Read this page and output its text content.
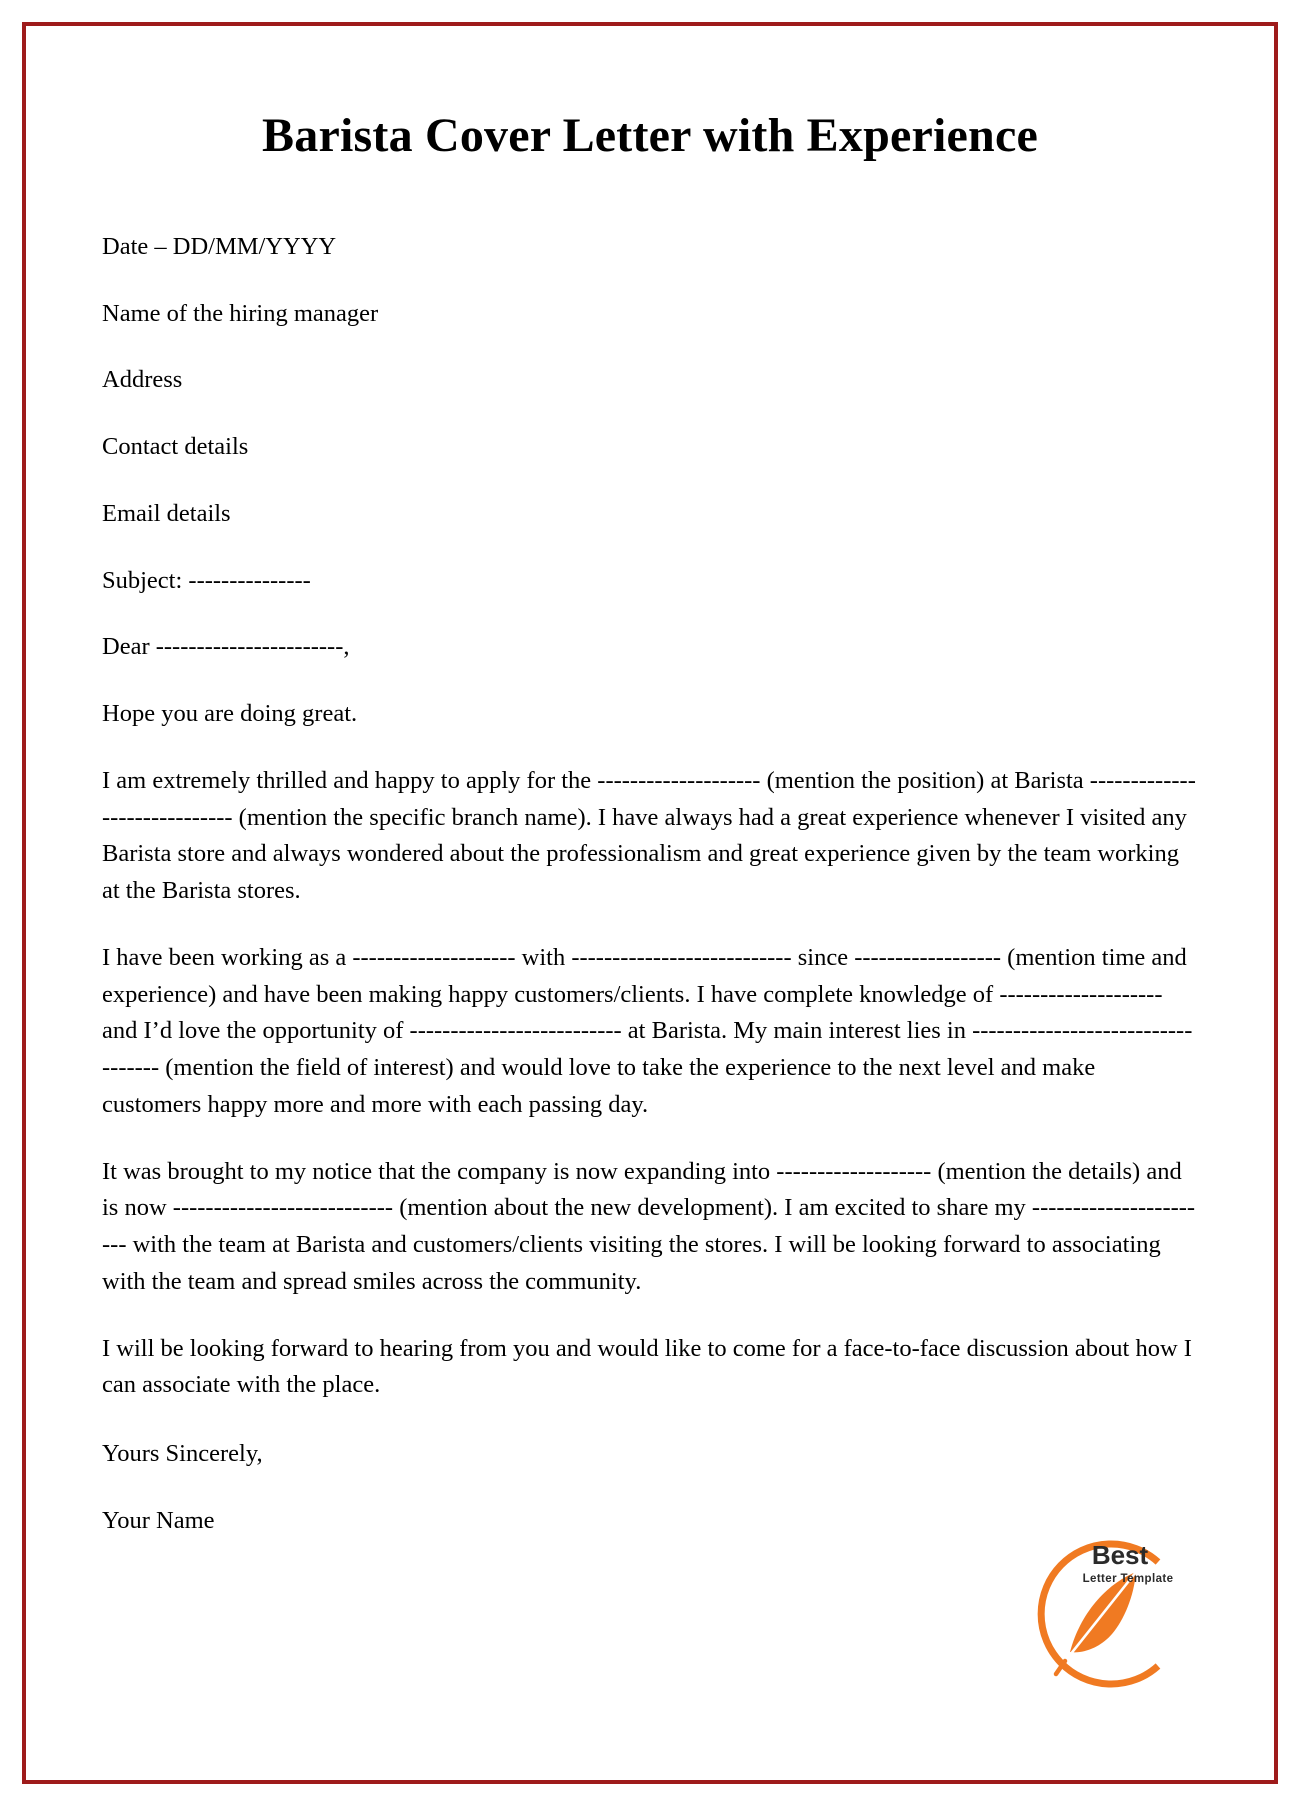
Barista Cover Letter with Experience

Date – DD/MM/YYYY

Name of the hiring manager

Address

Contact details

Email details

Subject: ---------------

Dear -----------------------,

Hope you are doing great.

I am extremely thrilled and happy to apply for the -------------------- (mention the position) at Barista ----------------------------- (mention the specific branch name). I have always had a great experience whenever I visited any Barista store and always wondered about the professionalism and great experience given by the team working at the Barista stores.

I have been working as a -------------------- with --------------------------- since ------------------ (mention time and experience) and have been making happy customers/clients. I have complete knowledge of -------------------- and I’d love the opportunity of -------------------------- at Barista. My main interest lies in ---------------------------------- (mention the field of interest) and would love to take the experience to the next level and make customers happy more and more with each passing day.

It was brought to my notice that the company is now expanding into ------------------- (mention the details) and is now --------------------------- (mention about the new development). I am excited to share my ----------------------- with the team at Barista and customers/clients visiting the stores. I will be looking forward to associating with the team and spread smiles across the community.

I will be looking forward to hearing from you and would like to come for a face-to-face discussion about how I can associate with the place.

Yours Sincerely,

Your Name

Best
Letter Template
